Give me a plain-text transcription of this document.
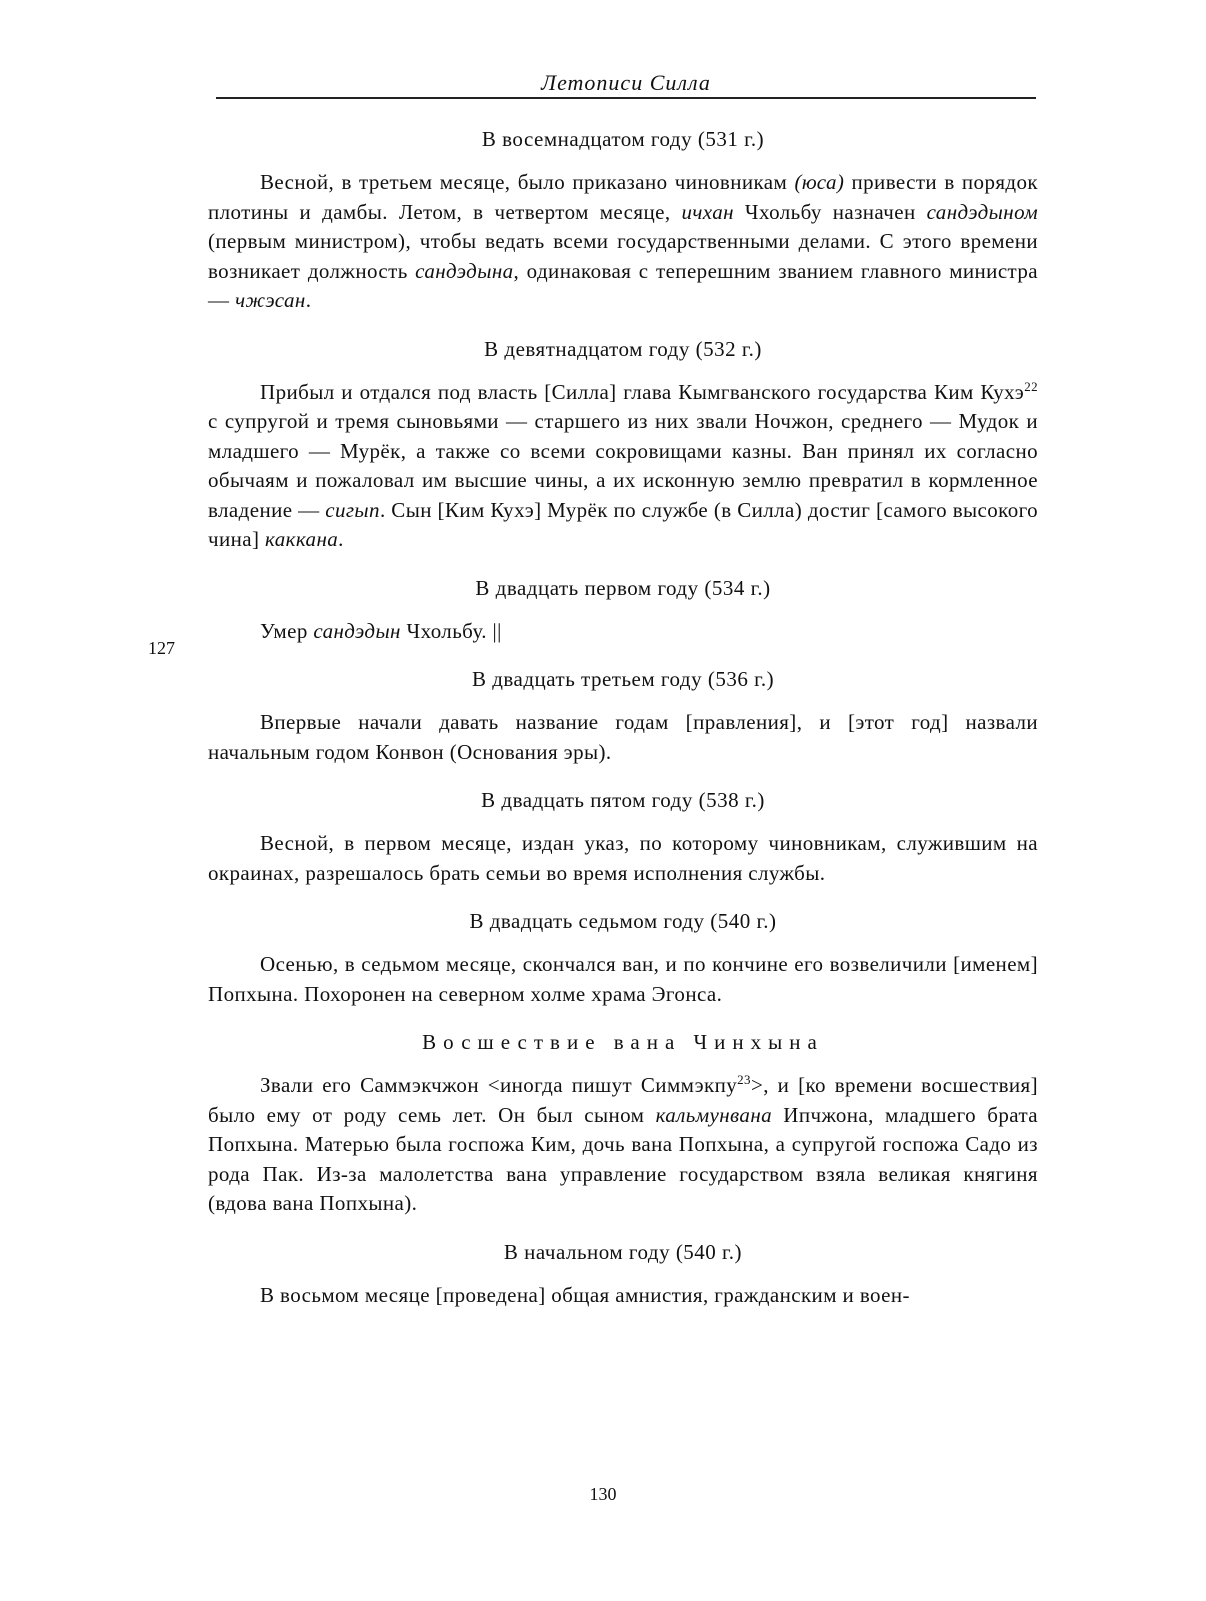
Летописи Силла
127
В восемнадцатом году (531 г.)

Весной, в третьем месяце, было приказано чиновникам (юса) привести в порядок плотины и дамбы. Летом, в четвертом месяце, ичхан Чхольбу назначен сандэдыном (первым министром), чтобы ведать всеми государственными делами. С этого времени возникает должность сандэдына, одинаковая с теперешним званием главного министра — чжэсан.

В девятнадцатом году (532 г.)

Прибыл и отдался под власть [Силла] глава Кымгванского государства Ким Кухэ$^{22}$ с супругой и тремя сыновьями — старшего из них звали Ночжон, среднего — Мудок и младшего — Мурёк, а также со всеми сокровищами казны. Ван принял их согласно обычаям и пожаловал им высшие чины, а их исконную землю превратил в кормленное владение — сигып. Сын [Ким Кухэ] Мурёк по службе (в Силла) достиг [самого высокого чина] каккана.

В двадцать первом году (534 г.)

Умер сандэдын Чхольбу. ||

В двадцать третьем году (536 г.)

Впервые начали давать название годам [правления], и [этот год] назвали начальным годом Конвон (Основания эры).

В двадцать пятом году (538 г.)

Весной, в первом месяце, издан указ, по которому чиновникам, служившим на окраинах, разрешалось брать семьи во время исполнения службы.

В двадцать седьмом году (540 г.)

Осенью, в седьмом месяце, скончался ван, и по кончине его возвеличили [именем] Попхына. Похоронен на северном холме храма Эгонса.

Восшествие вана Чинхына

Звали его Саммэкчжон <иногда пишут Симмэкпу$^{23}$>, и [ко времени восшествия] было ему от роду семь лет. Он был сыном кальмунвана Ипчжона, младшего брата Попхына. Матерью была госпожа Ким, дочь вана Попхына, а супругой госпожа Садо из рода Пак. Из-за малолетства вана управление государством взяла великая княгиня (вдова вана Попхына).

В начальном году (540 г.)

В восьмом месяце [проведена] общая амнистия, гражданским и воен-

130
